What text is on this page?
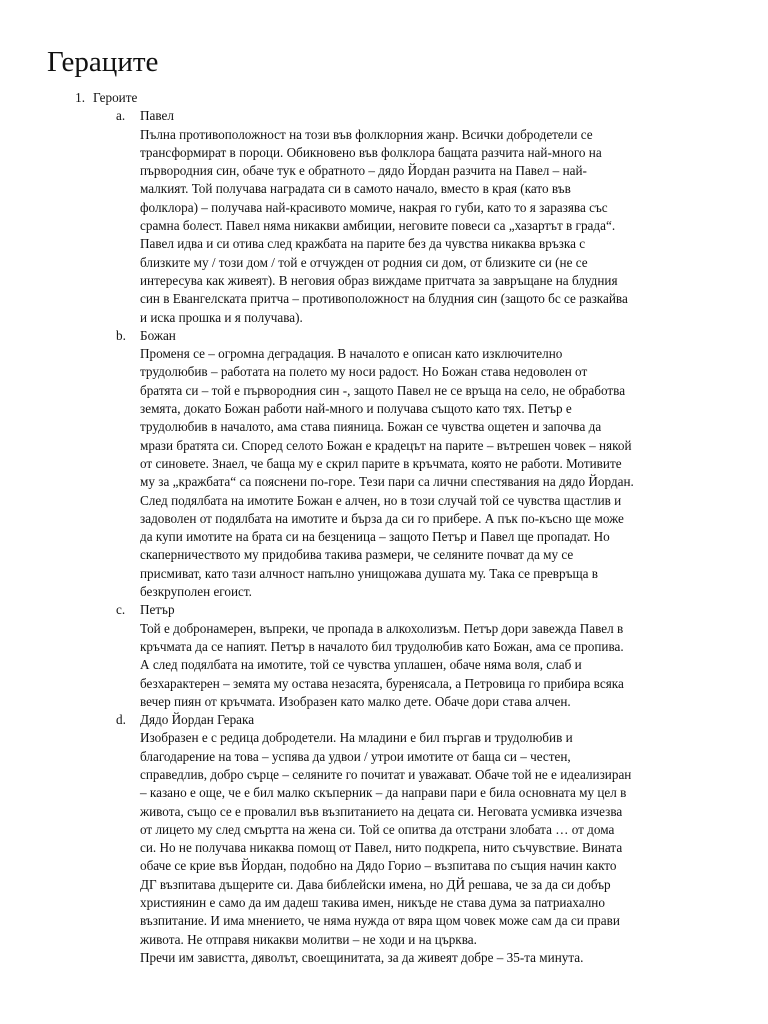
Гераците
1. Героите
a.	Павел
Пълна противоположност на този във фолклорния жанр. Всички добродетели се
трансформират в пороци. Обикновено във фолклора бащата разчита най-много на
първородния син, обаче тук е обратното – дядо Йордан разчита на Павел – най-
малкият. Той получава наградата си в самото начало, вместо в края (като във
фолклора) – получава най-красивото момиче, накрая го губи, като то я заразява със
срамна болест. Павел няма никакви амбиции, неговите повеси са „хазартът в града“.
Павел идва и си отива след кражбата на парите без да чувства никаква връзка с
близките му / този дом / той е отчужден от родния си дом, от близките си (не се
интересува как живеят). В неговия образ виждаме притчата за завръщане на блудния
син в Евангелската притча – противоположност на блудния син (защото бс се разкайва
и иска прошка и я получава).
b.	Божан
Променя се – огромна деградация. В началото е описан като изключително
трудолюбив – работата на полето му носи радост. Но Божан става недоволен от
братята си – той е първородния син -, защото Павел не се връща на село, не обработва
земята, докато Божан работи най-много и получава същото като тях. Петър е
трудолюбив в началото, ама става пияница. Божан се чувства ощетен и започва да
мрази братята си. Според селото Божан е крадецът на парите – вътрешен човек – някой
от синовете. Знаел, че баща му е скрил парите в кръчмата, която не работи. Мотивите
му за „кражбата“ са пояснени по-горе. Тези пари са лични спестявания на дядо Йордан.
След подялбата на имотите Божан е алчен, но в този случай той се чувства щастлив и
задоволен от подялбата на имотите и бърза да си го прибере. А пък по-късно ще може
да купи имотите на брата си на безценица – защото Петър и Павел ще пропадат. Но
скаперничеството му придобива такива размери, че селяните почват да му се
присмиват, като тази алчност напълно унищожава душата му. Така се превръща в
безкруполен егоист.
c.	Петър
Той е добронамерен, въпреки, че пропада в алкохолизъм. Петър дори завежда Павел в
кръчмата да се напият. Петър в началото бил трудолюбив като Божан, ама се пропива.
А след подялбата на имотите, той се чувства уплашен, обаче няма воля, слаб и
безхарактерен – земята му остава незасята, буренясала, а Петровица го прибира всяка
вечер пиян от кръчмата. Изобразен като малко дете. Обаче дори става алчен.
d.	Дядо Йордан Герака
Изобразен е с редица добродетели. На младини е бил пъргав и трудолюбив и
благодарение на това – успява да удвои / утрои имотите от баща си – честен,
справедлив, добро сърце – селяните го почитат и уважават. Обаче той не е идеализиран
– казано е още, че е бил малко скъперник – да направи пари е била основната му цел в
живота, също се е провалил във възпитанието на децата си. Неговата усмивка изчезва
от лицето му след смъртта на жена си. Той се опитва да отстрани злобата … от дома
си. Но не получава никаква помощ от Павел, нито подкрепа, нито съчувствие. Вината
обаче се крие във Йордан, подобно на Дядо Горио – възпитава по същия начин както
ДГ възпитава дъщерите си. Дава библейски имена, но ДЙ решава, че за да си добър
християнин е само да им дадеш такива имен, никъде не става дума за патриахално
възпитание. И има мнението, че няма нужда от вяра щом човек може сам да си прави
живота. Не отправя никакви молитви – не ходи и на църква.
Пречи им завистта, дяволът, своещинитата, за да живеят добре – 35-та минута.
